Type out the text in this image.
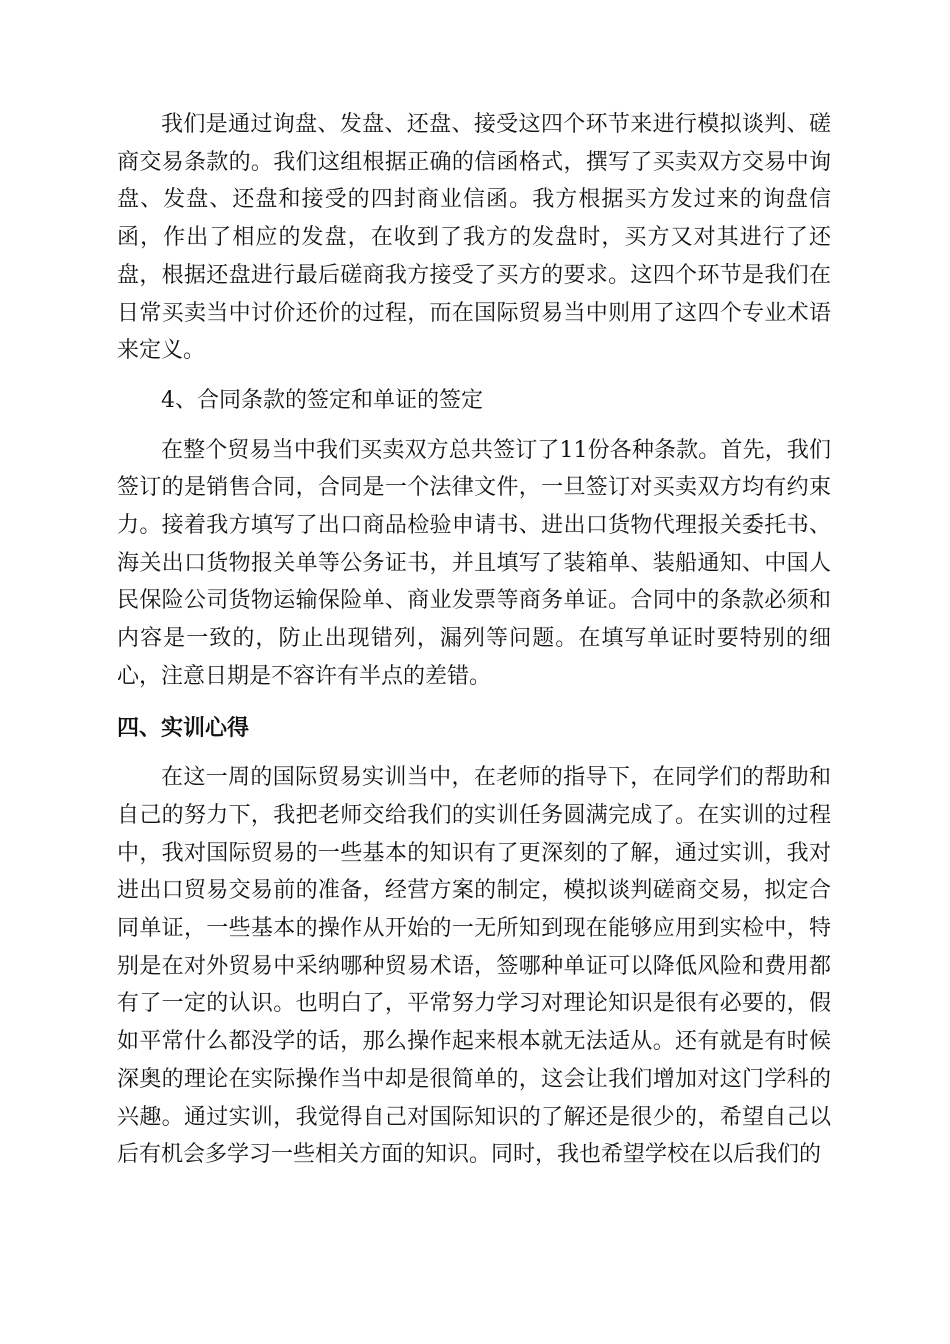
我们是通过询盘、发盘、还盘、接受这四个环节来进行模拟谈判、磋商交易条款的。我们这组根据正确的信函格式，撰写了买卖双方交易中询盘、发盘、还盘和接受的四封商业信函。我方根据买方发过来的询盘信函，作出了相应的发盘，在收到了我方的发盘时，买方又对其进行了还盘，根据还盘进行最后磋商我方接受了买方的要求。这四个环节是我们在日常买卖当中讨价还价的过程，而在国际贸易当中则用了这四个专业术语来定义。

4、合同条款的签定和单证的签定

在整个贸易当中我们买卖双方总共签订了11份各种条款。首先，我们签订的是销售合同，合同是一个法律文件，一旦签订对买卖双方均有约束力。接着我方填写了出口商品检验申请书、进出口货物代理报关委托书、海关出口货物报关单等公务证书，并且填写了装箱单、装船通知、中国人民保险公司货物运输保险单、商业发票等商务单证。合同中的条款必须和内容是一致的，防止出现错列，漏列等问题。在填写单证时要特别的细心，注意日期是不容许有半点的差错。

四、实训心得

在这一周的国际贸易实训当中，在老师的指导下，在同学们的帮助和自己的努力下，我把老师交给我们的实训任务圆满完成了。在实训的过程中，我对国际贸易的一些基本的知识有了更深刻的了解，通过实训，我对进出口贸易交易前的准备，经营方案的制定，模拟谈判磋商交易，拟定合同单证，一些基本的操作从开始的一无所知到现在能够应用到实检中，特别是在对外贸易中采纳哪种贸易术语，签哪种单证可以降低风险和费用都有了一定的认识。也明白了，平常努力学习对理论知识是很有必要的，假如平常什么都没学的话，那么操作起来根本就无法适从。还有就是有时候深奥的理论在实际操作当中却是很简单的，这会让我们增加对这门学科的兴趣。通过实训，我觉得自己对国际知识的了解还是很少的，希望自己以后有机会多学习一些相关方面的知识。同时，我也希望学校在以后我们的
